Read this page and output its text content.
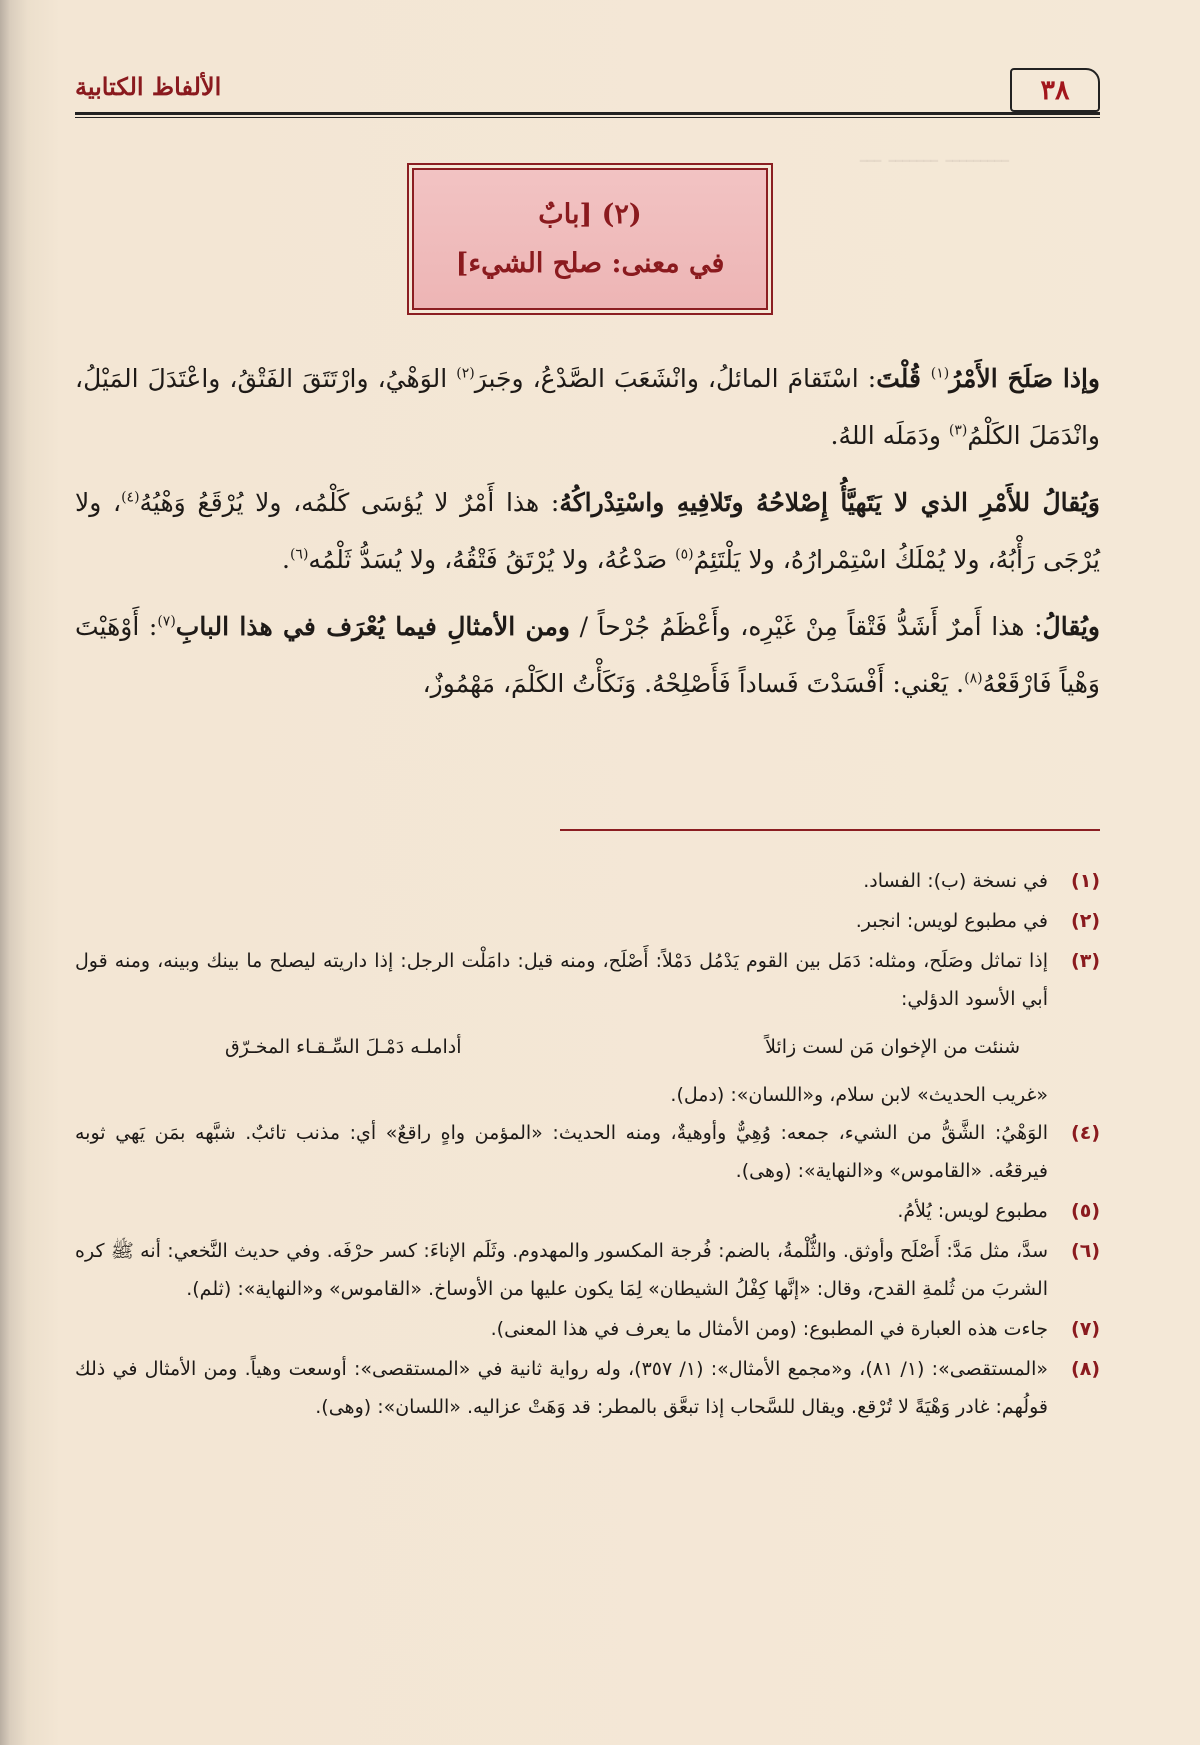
ـــــــــ ـــــــ ـــ
٣٨
الألفاظ الكتابية
(٢) [بابٌ
في معنى: صلح الشيء]

وإذا صَلَحَ الأَمْرُ$^{(١)}$ قُلْتَ: اسْتَقامَ المائلُ، وانْشَعَبَ الصَّدْعُ، وجَبرَ$^{(٢)}$ الوَهْيُ، وارْتَتَقَ الفَتْقُ، واعْتَدَلَ المَيْلُ، وانْدَمَلَ الكَلْمُ$^{(٣)}$ ودَمَلَه اللهُ.

وَيُقالُ للأَمْرِ الذي لا يَتَهيَّأُ إِصْلاحُهُ وتَلافِيهِ واسْتِدْراكُهُ: هذا أَمْرٌ لا يُؤسَى كَلْمُه، ولا يُرْقَعُ وَهْيُهُ$^{(٤)}$، ولا يُرْجَى رَأْبُهُ، ولا يُمْلَكُ اسْتِمْرارُهُ، ولا يَلْتَئِمُ$^{(٥)}$ صَدْعُهُ، ولا يُرْتَقُ فَتْقُهُ، ولا يُسَدُّ ثَلْمُه$^{(٦)}$.

ويُقالُ: هذا أَمرٌ أَشَدُّ فَتْقاً مِنْ غَيْرِه، وأَعْظَمُ جُرْحاً / ومن الأمثالِ فيما يُعْرَف في هذا البابِ$^{(٧)}$: أَوْهَيْتَ وَهْياً فَارْقَعْهُ$^{(٨)}$. يَعْني: أَفْسَدْتَ فَساداً فَأَصْلِحْهُ. وَنَكَأْتُ الكَلْمَ، مَهْمُوزٌ،

(١)
في نسخة (ب): الفساد.
(٢)
في مطبوع لويس: انجبر.
(٣)
إذا تماثل وصَلَح، ومثله: دَمَل بين القوم يَدْمُل دَمْلاً: أَصْلَح، ومنه قيل: دامَلْت الرجل: إذا داريته ليصلح ما بينك وبينه، ومنه قول أبي الأسود الدؤلي:
شنئت من الإخوان مَن لست زائلاً
أداملـه دَمْـلَ السِّـقـاء المخـرّق
«غريب الحديث» لابن سلام، و«اللسان»: (دمل).
(٤)
الوَهْيُ: الشَّقُّ من الشيء، جمعه: وُهِيٌّ وأوهيةٌ، ومنه الحديث: «المؤمن واهٍ راقعٌ» أي: مذنب تائبٌ. شبَّهه بمَن يَهي ثوبه فيرقعُه. «القاموس» و«النهاية»: (وهى).
(٥)
مطبوع لويس: يُلأمُ.
(٦)
سدَّ، مثل مَدَّ: أَصْلَح وأوثق. والثُّلْمةُ، بالضم: فُرجة المكسور والمهدوم. وثَلَم الإناءَ: كسر حرْفَه. وفي حديث النَّخعي: أنه ﷺ كره الشربَ من ثُلمةِ القدح، وقال: «إنَّها كِفْلُ الشيطان» لِمَا يكون عليها من الأوساخ. «القاموس» و«النهاية»: (ثلم).
(٧)
جاءت هذه العبارة في المطبوع: (ومن الأمثال ما يعرف في هذا المعنى).
(٨)
«المستقصى»: (١/ ٨١)، و«مجمع الأمثال»: (١/ ٣٥٧)، وله رواية ثانية في «المستقصى»: أوسعت وهياً. ومن الأمثال في ذلك قولُهم: غادر وَهْيَةً لا تُرْقع. ويقال للسَّحاب إذا تبعَّق بالمطر: قد وَهَتْ عزاليه. «اللسان»: (وهى).
